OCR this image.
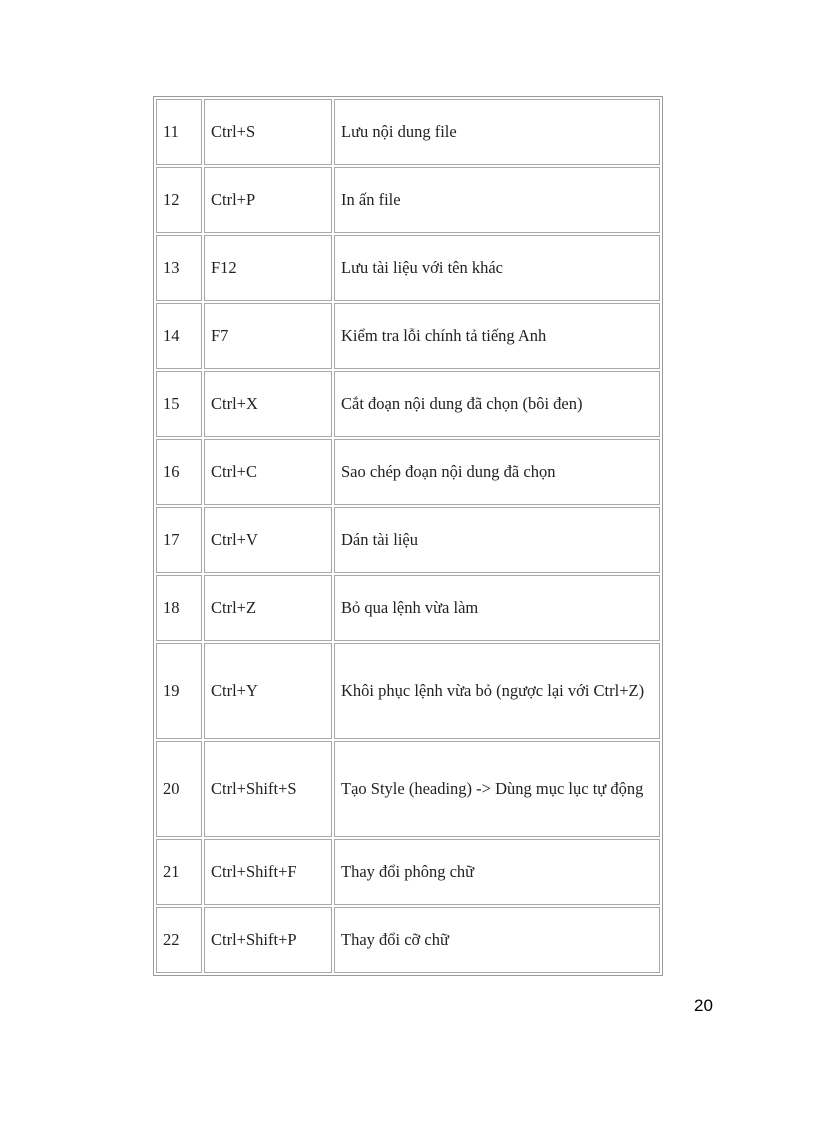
11	Ctrl+S	Lưu nội dung file
12	Ctrl+P	In ấn file
13	F12	Lưu tài liệu với tên khác
14	F7	Kiểm tra lỗi chính tả tiếng Anh
15	Ctrl+X	Cắt đoạn nội dung đã chọn (bôi đen)
16	Ctrl+C	Sao chép đoạn nội dung đã chọn
17	Ctrl+V	Dán tài liệu
18	Ctrl+Z	Bỏ qua lệnh vừa làm
19	Ctrl+Y	Khôi phục lệnh vừa bỏ (ngược lại với Ctrl+Z)
20	Ctrl+Shift+S	Tạo Style (heading) -> Dùng mục lục tự động
21	Ctrl+Shift+F	Thay đổi phông chữ
22	Ctrl+Shift+P	Thay đổi cỡ chữ
20
